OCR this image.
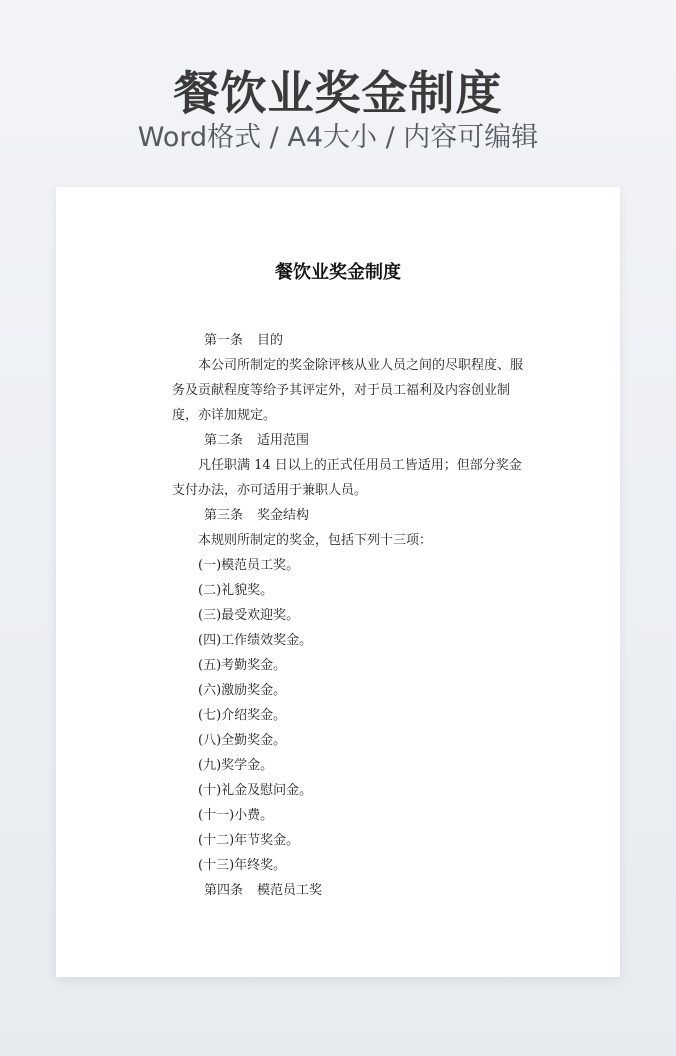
餐饮业奖金制度
Word格式 / A4大小 / 内容可编辑
餐饮业奖金制度
第一条 目的
本公司所制定的奖金除评核从业人员之间的尽职程度、服
务及贡献程度等给予其评定外，对于员工福利及内容创业制
度，亦详加规定。
第二条 适用范围
凡任职满 14 日以上的正式任用员工皆适用；但部分奖金
支付办法，亦可适用于兼职人员。
第三条 奖金结构
本规则所制定的奖金，包括下列十三项：
(一)模范员工奖。
(二)礼貌奖。
(三)最受欢迎奖。
(四)工作绩效奖金。
(五)考勤奖金。
(六)激励奖金。
(七)介绍奖金。
(八)全勤奖金。
(九)奖学金。
(十)礼金及慰问金。
(十一)小费。
(十二)年节奖金。
(十三)年终奖。
第四条 模范员工奖
